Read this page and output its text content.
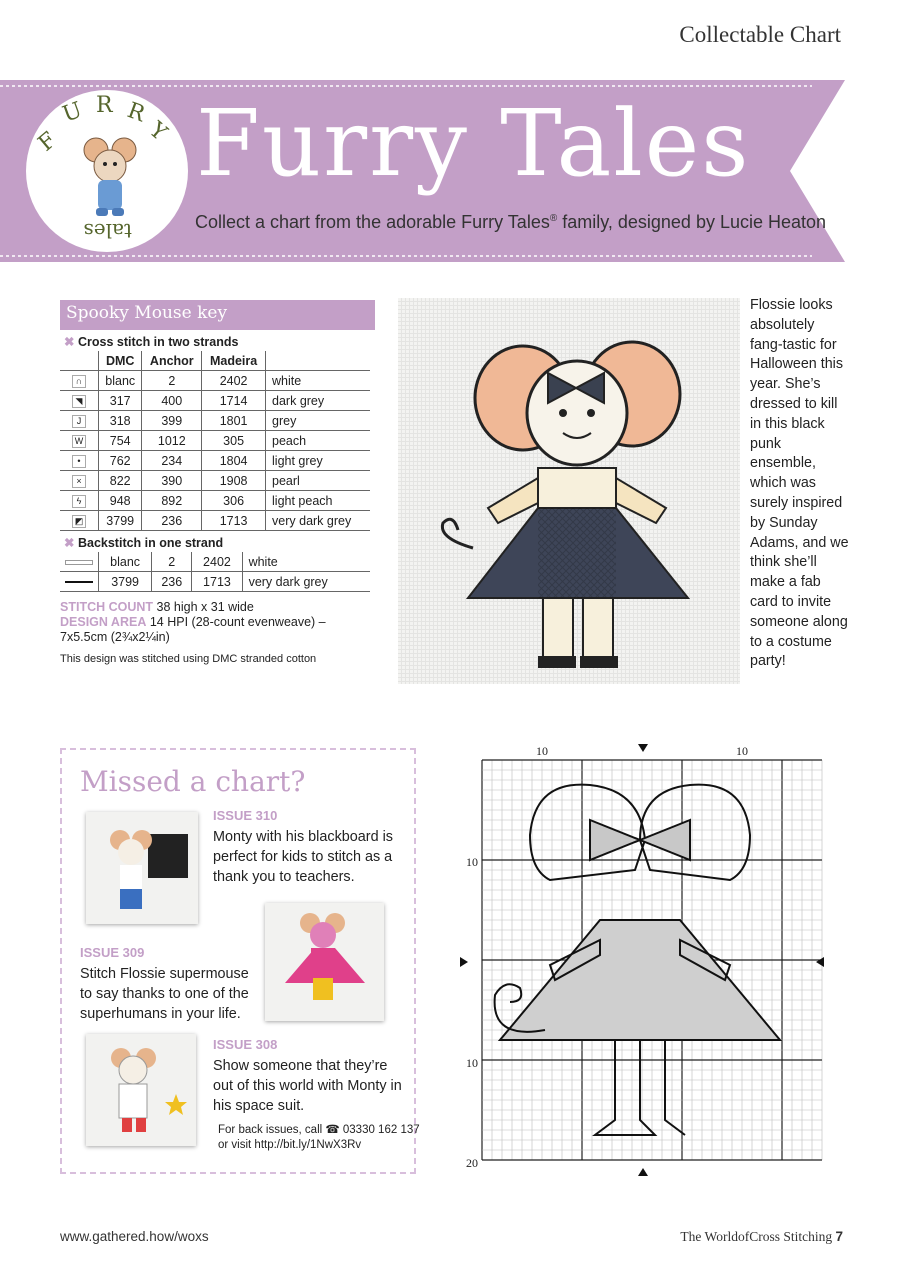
Collectable Chart
F
U R R
Y
tales
Furry Tales
Collect a chart from the adorable Furry Tales® family, designed by Lucie Heaton
Spooky Mouse key
✖ Cross stitch in two strands
	DMC	Anchor	Madeira	
∩	blanc	2	2402	white
◥	317	400	1714	dark grey
J	318	399	1801	grey
W	754	1012	305	peach
•	762	234	1804	light grey
×	822	390	1908	pearl
ϟ	948	892	306	light peach
◩	3799	236	1713	very dark grey
✖ Backstitch in one strand
	blanc	2	2402	white
	3799	236	1713	very dark grey
STITCH COUNT 38 high x 31 wide
DESIGN AREA 14 HPI (28-count evenweave) –
7x5.5cm (2¾x2¼in)
This design was stitched using DMC stranded cotton
Flossie looks absolutely fang-tastic for Halloween this year. She’s dressed to kill in this black punk ensemble, which was surely inspired by Sunday Adams, and we think she’ll make a fab card to invite someone along to a costume party!
Missed a chart?
ISSUE 310
Monty with his blackboard is perfect for kids to stitch as a thank you to teachers.
ISSUE 309
Stitch Flossie supermouse to say thanks to one of the superhumans in your life.
ISSUE 308
Show someone that they’re out of this world with Monty in his space suit.
For back issues, call ☎ 03330 162 137
or visit http://bit.ly/1NwX3Rv
10	10
10
10
20
www.gathered.how/woxs	The WorldofCross Stitching 7
